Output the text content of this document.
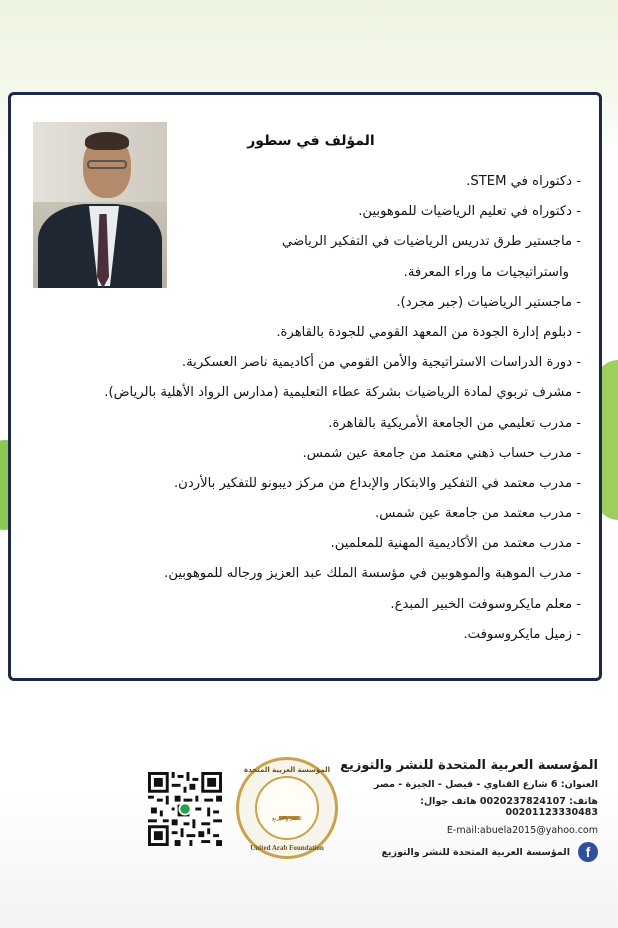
المؤلف في سطور
- دكتوراه في STEM.
- دكتوراه في تعليم الرياضيات للموهوبين.
- ماجستير طرق تدريس الرياضيات في التفكير الرياضي
واستراتيجيات ما وراء المعرفة.
- ماجستير الرياضيات (جبر مجرد).
- دبلوم إدارة الجودة من المعهد القومي للجودة بالقاهرة.
- دورة الدراسات الاستراتيجية والأمن القومي من أكاديمية ناصر العسكرية.
- مشرف تربوي لمادة الرياضيات بشركة عطاء التعليمية (مدارس الرواد الأهلية بالرياض).
- مدرب تعليمي من الجامعة الأمريكية بالقاهرة.
- مدرب حساب ذهني معتمد من جامعة عين شمس.
- مدرب معتمد في التفكير والابتكار والإبداع من مركز ديبونو للتفكير بالأردن.
- مدرب معتمد من جامعة عين شمس.
- مدرب معتمد من الأكاديمية المهنية للمعلمين.
- مدرب الموهبة والموهوبين في مؤسسة الملك عبد العزيز ورجاله للموهوبين.
- معلم مايكروسوفت الخبير المبدع.
- زميل مايكروسوفت.
المؤسسة العربية المتحدة
للنشر والتوزيع
United Arab Foundation
المؤسسة العربية المتحدة للنشر والتوزيع
العنوان: 6 شارع القناوي - فيصل - الجيزة - مصر
هاتف: 0020237824107 هاتف جوال: 00201123330483
E-mail:abuela2015@yahoo.com
f
المؤسسة العربية المتحدة للنشر والتوزيع
